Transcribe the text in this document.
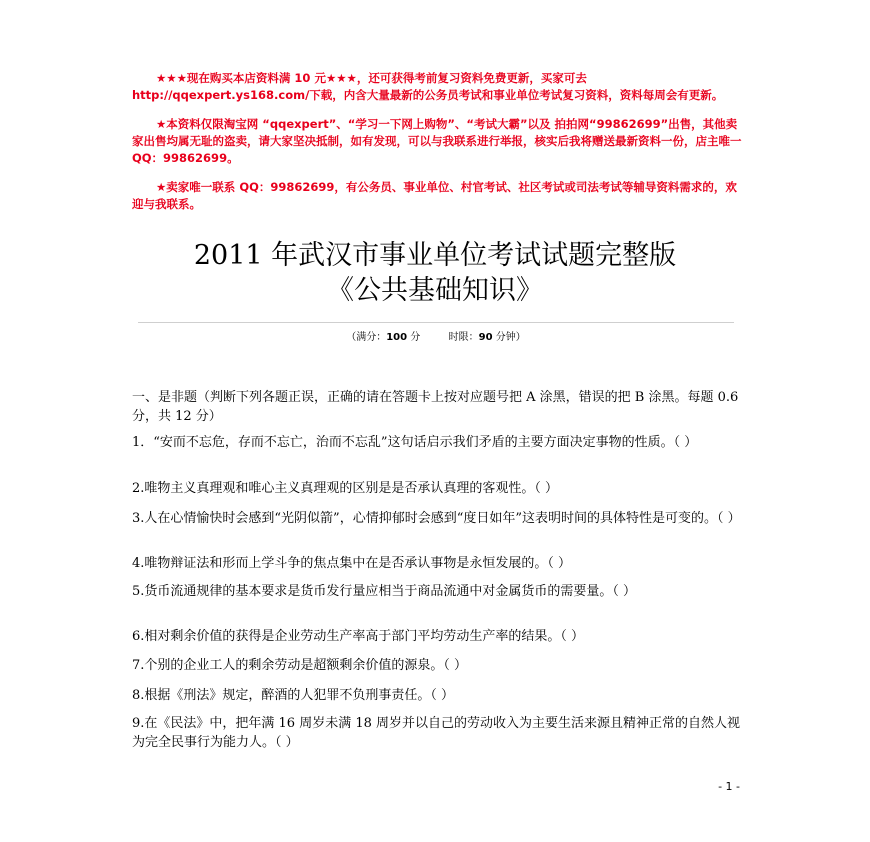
★★★现在购买本店资料满 10 元★★★，还可获得考前复习资料免费更新，买家可去 http://qqexpert.ys168.com/下载，内含大量最新的公务员考试和事业单位考试复习资料，资料每周会有更新。

★本资料仅限淘宝网 “qqexpert”、“学习一下网上购物”、“考试大霸”以及 拍拍网“99862699”出售，其他卖家出售均属无耻的盗卖，请大家坚决抵制，如有发现，可以与我联系进行举报，核实后我将赠送最新资料一份，店主唯一 QQ：99862699。

★卖家唯一联系 QQ：99862699，有公务员、事业单位、村官考试、社区考试或司法考试等辅导资料需求的，欢迎与我联系。

2011 年武汉市事业单位考试试题完整版
《公共基础知识》
（满分：100 分	时限：90 分钟）

一、是非题（判断下列各题正误，正确的请在答题卡上按对应题号把 A 涂黑，错误的把 B 涂黑。每题 0.6 分，共 12 分）

1．“安而不忘危，存而不忘亡，治而不忘乱”这句话启示我们矛盾的主要方面决定事物的性质。（ ）

2.唯物主义真理观和唯心主义真理观的区别是是否承认真理的客观性。（ ）

3.人在心情愉快时会感到“光阴似箭”，心情抑郁时会感到“度日如年”这表明时间的具体特性是可变的。（ ）

4.唯物辩证法和形而上学斗争的焦点集中在是否承认事物是永恒发展的。（ ）

5.货币流通规律的基本要求是货币发行量应相当于商品流通中对金属货币的需要量。（ ）

6.相对剩余价值的获得是企业劳动生产率高于部门平均劳动生产率的结果。（ ）

7.个别的企业工人的剩余劳动是超额剩余价值的源泉。（ ）

8.根据《刑法》规定，醉酒的人犯罪不负刑事责任。（ ）

9.在《民法》中，把年满 16 周岁未满 18 周岁并以自己的劳动收入为主要生活来源且精神正常的自然人视为完全民事行为能力人。（ ）

- 1 -
